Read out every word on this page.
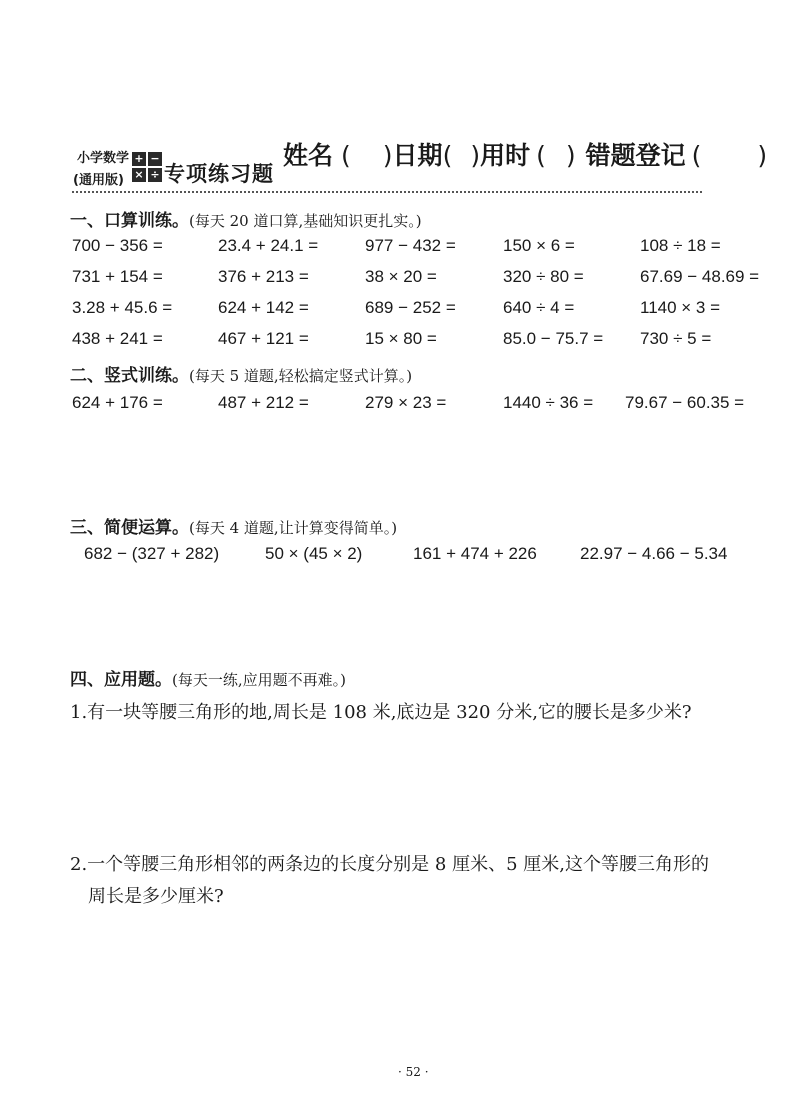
小学数学
(通用版)
+ −
× ÷ 专项练习题
姓名 ( ) 日期 ( ) 用时 ( ) 错题登记 ( )
一、口算训练。(每天 20 道口算,基础知识更扎实。)
700 − 356 =	23.4 + 24.1 =	977 − 432 =	150 × 6 =	108 ÷ 18 =
731 + 154 =	376 + 213 =	38 × 20 =	320 ÷ 80 =	67.69 − 48.69 =
3.28 + 45.6 =	624 + 142 =	689 − 252 =	640 ÷ 4 =	1140 × 3 =
438 + 241 =	467 + 121 =	15 × 80 =	85.0 − 75.7 = 730 ÷ 5 =
二、竖式训练。(每天 5 道题,轻松搞定竖式计算。)
624 + 176 =	487 + 212 =	279 × 23 =	1440 ÷ 36 = 79.67 − 60.35 =
三、简便运算。(每天 4 道题,让计算变得简单。)
682 − (327 + 282)	50 × (45 × 2)	161 + 474 + 226	22.97 − 4.66 − 5.34
四、应用题。(每天一练,应用题不再难。)
1.有一块等腰三角形的地,周长是 108 米,底边是 320 分米,它的腰长是多少米?
2.一个等腰三角形相邻的两条边的长度分别是 8 厘米、5 厘米,这个等腰三角形的
周长是多少厘米?
· 52 ·
